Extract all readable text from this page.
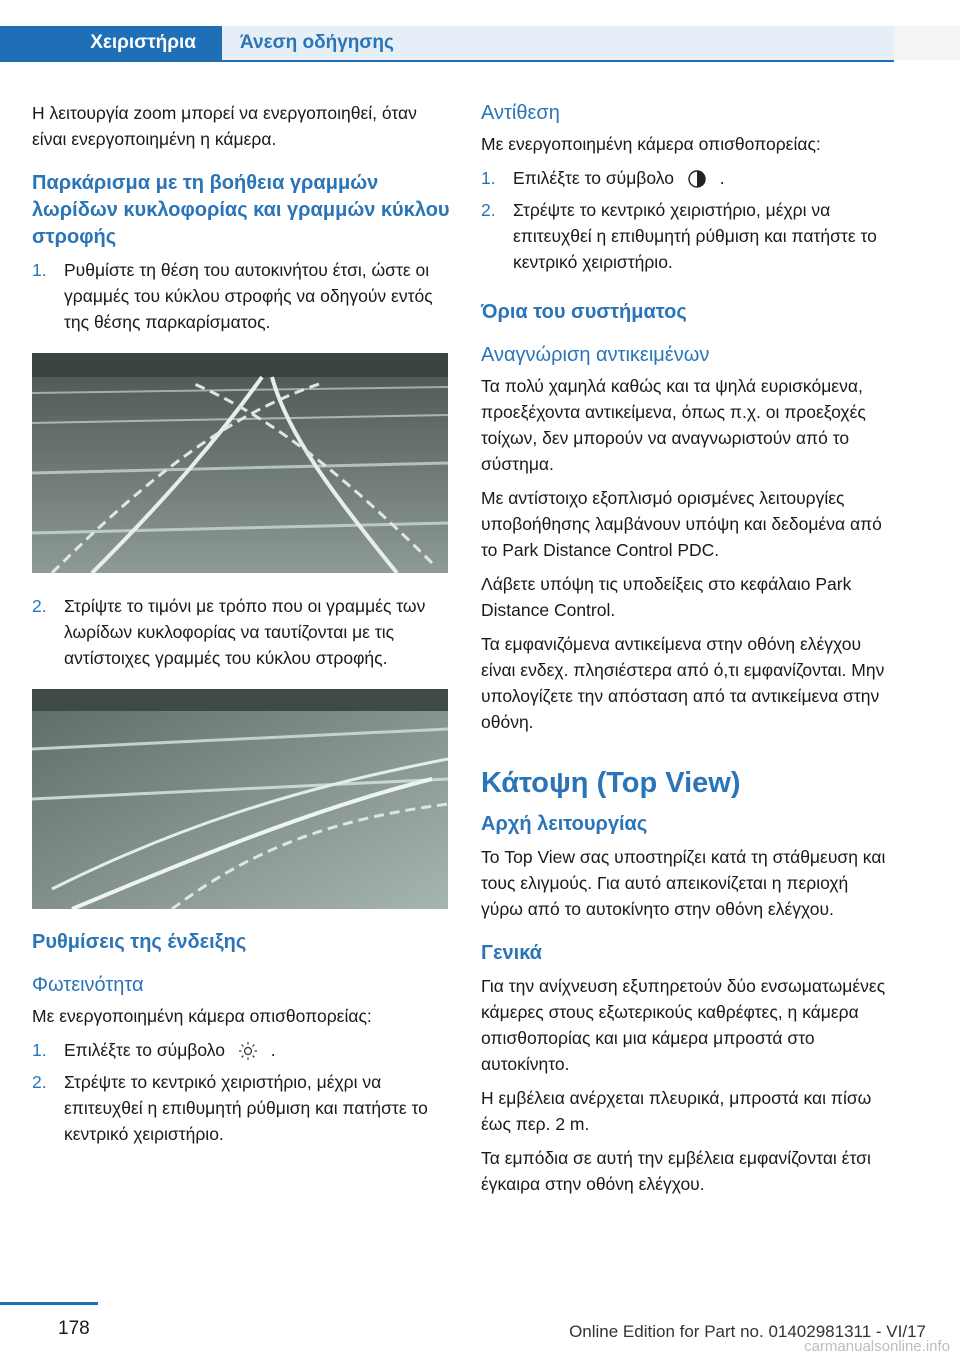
Χειριστήρια	Άνεση οδήγησης

Η λειτουργία zoom μπορεί να ενεργοποιηθεί, όταν είναι ενεργοποιημένη η κάμερα.

Παρκάρισμα με τη βοήθεια γραμμών λωρίδων κυκλοφορίας και γραμμών κύκλου στροφής
1. Ρυθμίστε τη θέση του αυτοκινήτου έτσι, ώστε οι γραμμές του κύκλου στροφής να οδηγούν εντός της θέσης παρκαρίσματος.
2. Στρίψτε το τιμόνι με τρόπο που οι γραμμές των λωρίδων κυκλοφορίας να ταυτίζονται με τις αντίστοιχες γραμμές του κύκλου στροφής.
Ρυθμίσεις της ένδειξης
Φωτεινότητα

Με ενεργοποιημένη κάμερα οπισθοπορείας:

1. Επιλέξτε το σύμβολο	.
2. Στρέψτε το κεντρικό χειριστήριο, μέχρι να επιτευχθεί η επιθυμητή ρύθμιση και πατήστε το κεντρικό χειριστήριο.
Αντίθεση

Με ενεργοποιημένη κάμερα οπισθοπορείας:

1. Επιλέξτε το σύμβολο	.
2. Στρέψτε το κεντρικό χειριστήριο, μέχρι να επιτευχθεί η επιθυμητή ρύθμιση και πατήστε το κεντρικό χειριστήριο.
Όρια του συστήματος
Αναγνώριση αντικειμένων

Τα πολύ χαμηλά καθώς και τα ψηλά ευρισκόμενα, προεξέχοντα αντικείμενα, όπως π.χ. οι προεξοχές τοίχων, δεν μπορούν να αναγνωριστούν από το σύστημα.

Με αντίστοιχο εξοπλισμό ορισμένες λειτουργίες υποβοήθησης λαμβάνουν υπόψη και δεδομένα από το Park Distance Control PDC.

Λάβετε υπόψη τις υποδείξεις στο κεφάλαιο Park Distance Control.

Τα εμφανιζόμενα αντικείμενα στην οθόνη ελέγχου είναι ενδεχ. πλησιέστερα από ό,τι εμφανίζονται. Μην υπολογίζετε την απόσταση από τα αντικείμενα στην οθόνη.

Κάτοψη (Top View)
Αρχή λειτουργίας

Το Top View σας υποστηρίζει κατά τη στάθμευση και τους ελιγμούς. Για αυτό απεικονίζεται η περιοχή γύρω από το αυτοκίνητο στην οθόνη ελέγχου.

Γενικά

Για την ανίχνευση εξυπηρετούν δύο ενσωματωμένες κάμερες στους εξωτερικούς καθρέφτες, η κάμερα οπισθοπορίας και μια κάμερα μπροστά στο αυτοκίνητο.

Η εμβέλεια ανέρχεται πλευρικά, μπροστά και πίσω έως περ. 2 m.

Τα εμπόδια σε αυτή την εμβέλεια εμφανίζονται έτσι έγκαιρα στην οθόνη ελέγχου.

178	Online Edition for Part no. 01402981311 - VI/17
carmanualsonline.info
